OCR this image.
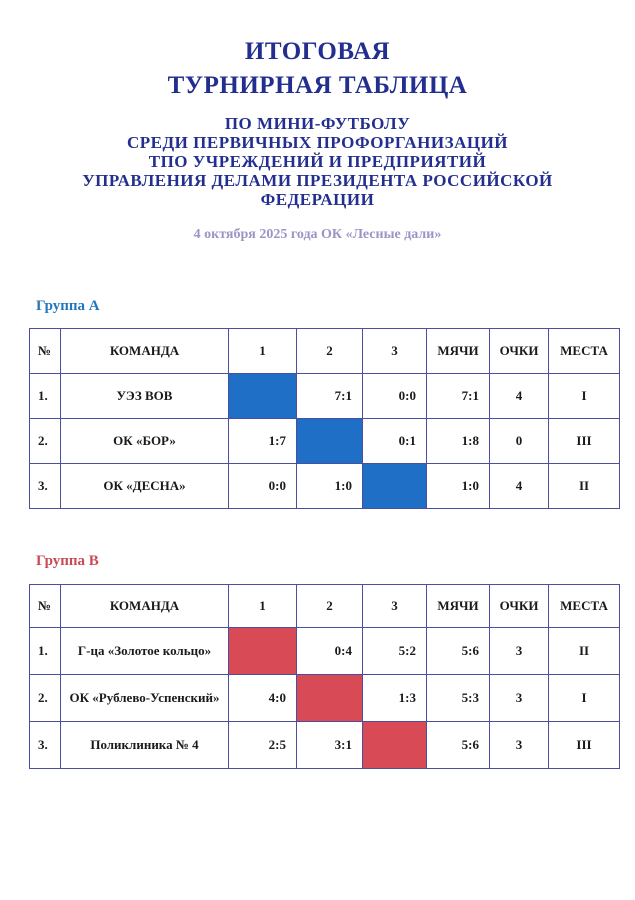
ИТОГОВАЯ
ТУРНИРНАЯ ТАБЛИЦА
ПО МИНИ-ФУТБОЛУ
СРЕДИ ПЕРВИЧНЫХ ПРОФОРГАНИЗАЦИЙ
ТПО УЧРЕЖДЕНИЙ И ПРЕДПРИЯТИЙ
УПРАВЛЕНИЯ ДЕЛАМИ ПРЕЗИДЕНТА РОССИЙСКОЙ
ФЕДЕРАЦИИ
4 октября 2025 года ОК «Лесные дали»
Группа А
№	КОМАНДА	1	2	3	МЯЧИ	ОЧКИ	МЕСТА
1.	УЭЗ ВОВ		7:1	0:0	7:1	4	I
2.	ОК «БОР»	1:7		0:1	1:8	0	III
3.	ОК «ДЕСНА»	0:0	1:0		1:0	4	II
Группа В
№	КОМАНДА	1	2	3	МЯЧИ	ОЧКИ	МЕСТА
1.	Г-ца «Золотое кольцо»		0:4	5:2	5:6	3	II
2.	ОК «Рублево-Успенский»	4:0		1:3	5:3	3	I
3.	Поликлиника № 4	2:5	3:1		5:6	3	III
